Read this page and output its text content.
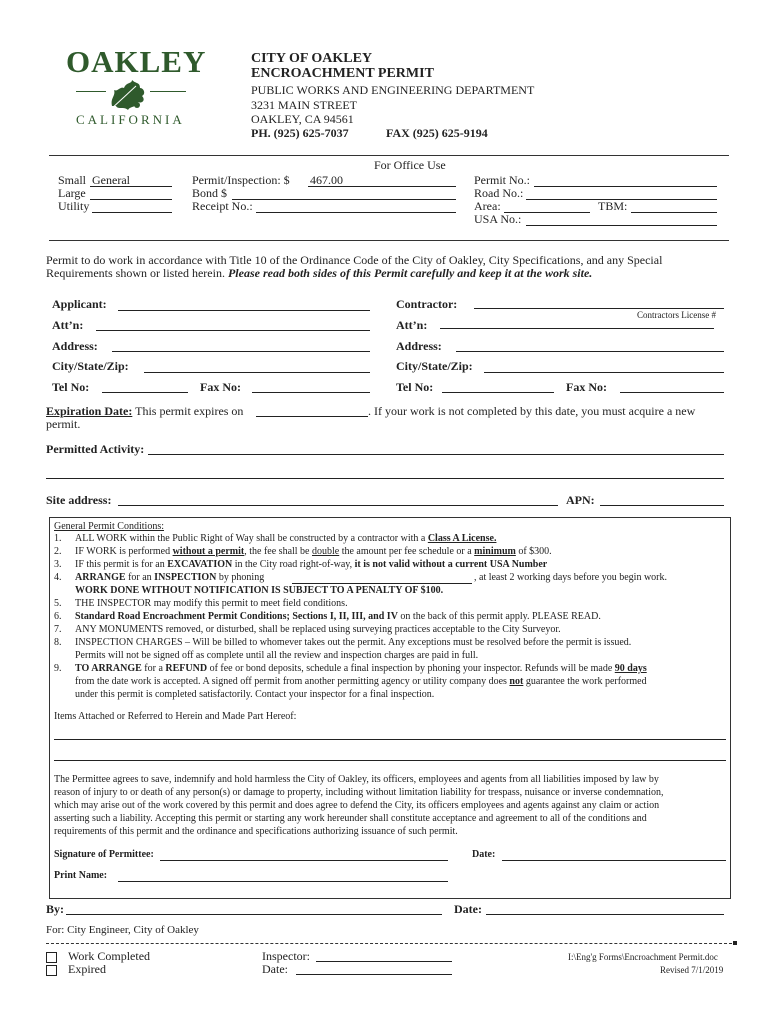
OAKLEY
CALIFORNIA
CITY OF OAKLEY
ENCROACHMENT PERMIT
PUBLIC WORKS AND ENGINEERING DEPARTMENT
3231 MAIN STREET
OAKLEY, CA 94561
PH. (925) 625-7037	FAX (925) 625-9194
For Office Use
Small General
Large
Utility
Permit/Inspection: $ 467.00
Bond $
Receipt No.:
Permit No.:
Road No.:
Area:	TBM:
USA No.:
Permit to do work in accordance with Title 10 of the Ordinance Code of the City of Oakley, City Specifications, and any Special
Requirements shown or listed herein. Please read both sides of this Permit carefully and keep it at the work site.
Applicant:	Contractor:
Contractors License #
Att’n:	Att’n:
Address:	Address:
City/State/Zip:	City/State/Zip:
Tel No:	Fax No:	Tel No:	Fax No:
Expiration Date: This permit expires on	. If your work is not completed by this date, you must acquire a new
permit.
Permitted Activity:
Site address:	APN:
General Permit Conditions:
1. ALL WORK within the Public Right of Way shall be constructed by a contractor with a Class A License.
2. IF WORK is performed without a permit, the fee shall be double the amount per fee schedule or a minimum of $300.
3. IF this permit is for an EXCAVATION in the City road right-of-way, it is not valid without a current USA Number
4. ARRANGE for an INSPECTION by phoning	, at least 2 working days before you begin work.
WORK DONE WITHOUT NOTIFICATION IS SUBJECT TO A PENALTY OF $100.
5. THE INSPECTOR may modify this permit to meet field conditions.
6. Standard Road Encroachment Permit Conditions; Sections I, II, III, and IV on the back of this permit apply. PLEASE READ.
7. ANY MONUMENTS removed, or disturbed, shall be replaced using surveying practices acceptable to the City Surveyor.
8. INSPECTION CHARGES – Will be billed to whomever takes out the permit. Any exceptions must be resolved before the permit is issued.
Permits will not be signed off as complete until all the review and inspection charges are paid in full.
9. TO ARRANGE for a REFUND of fee or bond deposits, schedule a final inspection by phoning your inspector. Refunds will be made 90 days
from the date work is accepted. A signed off permit from another permitting agency or utility company does not guarantee the work performed
under this permit is completed satisfactorily. Contact your inspector for a final inspection.
Items Attached or Referred to Herein and Made Part Hereof:
The Permittee agrees to save, indemnify and hold harmless the City of Oakley, its officers, employees and agents from all liabilities imposed by law by
reason of injury to or death of any person(s) or damage to property, including without limitation liability for trespass, nuisance or inverse condemnation,
which may arise out of the work covered by this permit and does agree to defend the City, its officers employees and agents against any claim or action
asserting such a liability. Accepting this permit or starting any work hereunder shall constitute acceptance and agreement to all of the conditions and
requirements of this permit and the ordinance and specifications authorizing issuance of such permit.
Signature of Permittee:	Date:
Print Name:
By:	Date:
For: City Engineer, City of Oakley
Work Completed
Expired
Inspector:
Date:
I:\Eng'g Forms\Encroachment Permit.doc
Revised 7/1/2019
